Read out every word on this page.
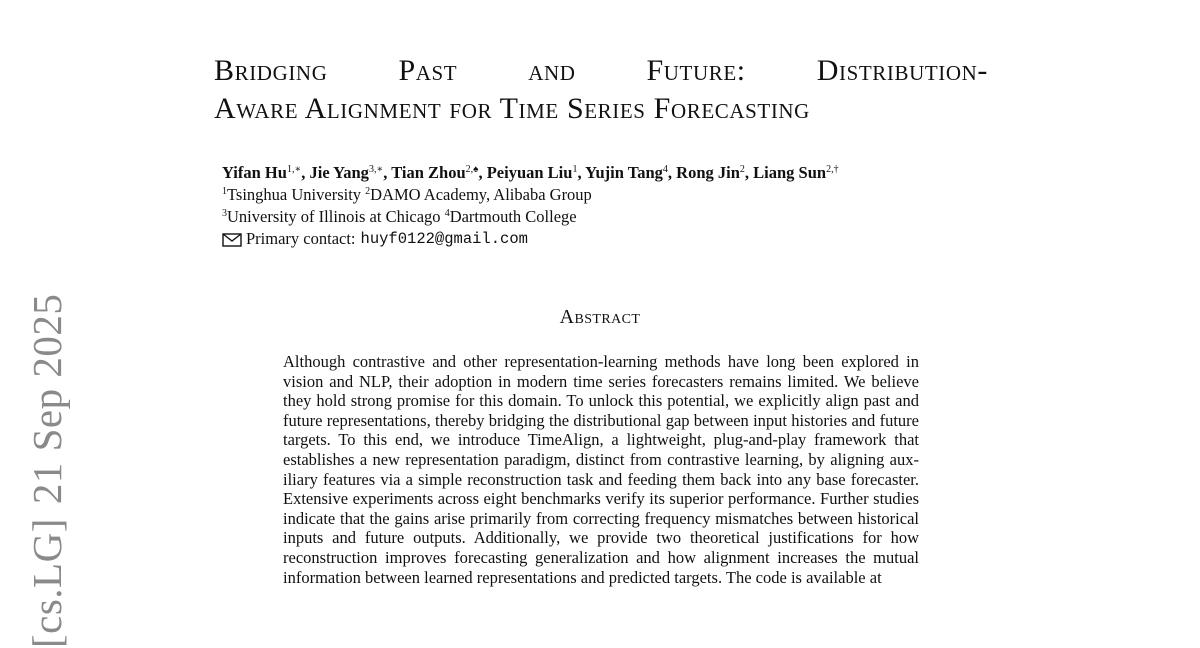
[cs.LG]21 Sep 2025
Bridging Past and Future: Distribution-
Aware Alignment for Time Series Forecasting
Yifan $Hu^{1,∗}$, Jie Yang$^{3,∗}$, Tian Zhou$^{2,♠}$, Peiyuan Liu$^1$, Yujin Tang$^4$, Rong Jin$^2$, Liang Sun$^{2,\dagger}$
$^1$Tsinghua University $^2$DAMO Academy, Alibaba Group
$^3$University of Illinois at Chicago $^4$Dartmouth College
Primary contact: huyf0122@gmail.com
Abstract

Although contrastive and other representation-learning methods have long been explored in vision and NLP, their adoption in modern time series forecasters remains limited. We believe they hold strong promise for this domain. To unlock this potential, we explicitly align past and future representations, thereby bridging the distributional gap between input histories and future targets. To this end, we introduce TimeAlign, a lightweight, plug-and-play framework that establishes a new representation paradigm, distinct from contrastive learning, by aligning auxiliary features via a simple reconstruction task and feeding them back into any base forecaster. Extensive experiments across eight benchmarks verify its superior performance. Further studies indicate that the gains arise primarily from correcting frequency mismatches between historical inputs and future outputs. Additionally, we provide two theoretical justifications for how reconstruction improves forecasting generalization and how alignment increases the mutual information between learned representations and predicted targets. The code is available at
